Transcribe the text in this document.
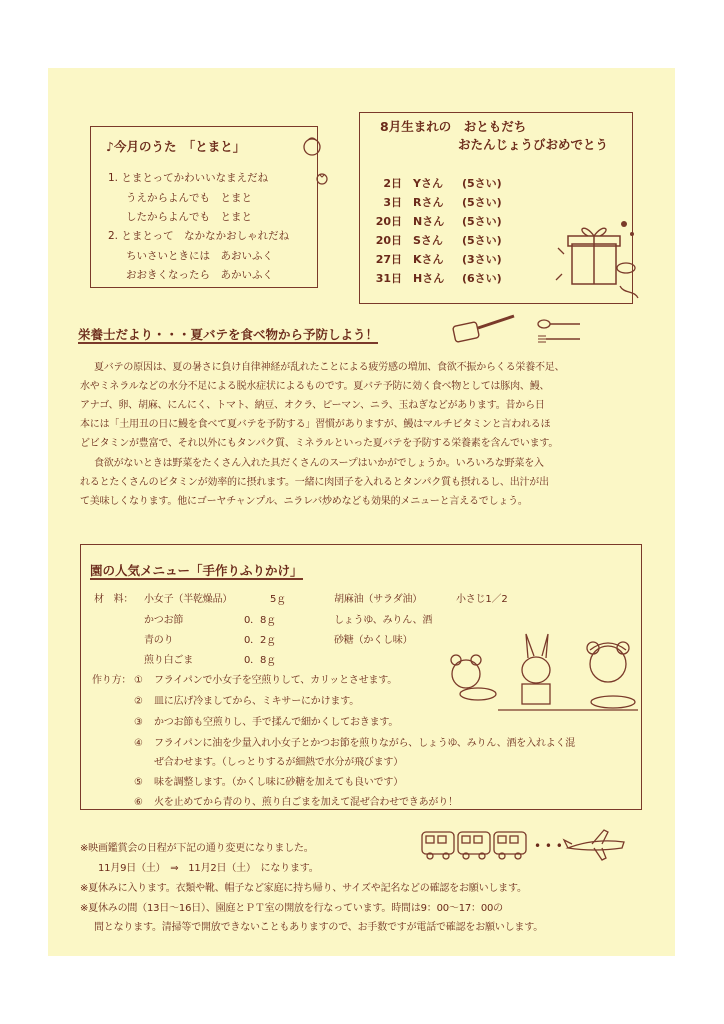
♪今月のうた　「とまと」
1. とまとってかわいいなまえだね
うえからよんでも　とまと
したからよんでも　とまと
2. とまとって　なかなかおしゃれだね
ちいさいときには　あおいふく
おおきくなったら　あかいふく
8月生まれの　おともだち
おたんじょうびおめでとう
2日 Yさん (5さい)
3日 Rさん (5さい)
20日 Nさん (5さい)
20日 Sさん (5さい)
27日 Kさん (3さい)
31日 Hさん (6さい)
栄養士だより・・・夏バテを食べ物から予防しよう！
夏バテの原因は、夏の暑さに負け自律神経が乱れたことによる疲労感の増加、食欲不振からくる栄養不足、
水やミネラルなどの水分不足による脱水症状によるものです。夏バテ予防に効く食べ物としては豚肉、鰻、
アナゴ、卵、胡麻、にんにく、トマト、納豆、オクラ、ピーマン、ニラ、玉ねぎなどがあります。昔から日
本には「土用丑の日に鰻を食べて夏バテを予防する」習慣がありますが、鰻はマルチビタミンと言われるほ
どビタミンが豊富で、それ以外にもタンパク質、ミネラルといった夏バテを予防する栄養素を含んでいます。
食欲がないときは野菜をたくさん入れた具だくさんのスープはいかがでしょうか。いろいろな野菜を入
れるとたくさんのビタミンが効率的に摂れます。一緒に肉団子を入れるとタンパク質も摂れるし、出汁が出
て美味しくなります。他にゴーヤチャンプル、ニラレバ炒めなども効果的メニューと言えるでしょう。
園の人気メニュー「手作りふりかけ」
材　料： 小女子（半乾燥品）	5ｇ
かつお節	0．8ｇ
青のり	0．2ｇ
煎り白ごま	0．8ｇ
胡麻油（サラダ油）	小さじ1／2
しょうゆ、みりん、酒
砂糖（かくし味）
作り方： ① フライパンで小女子を空煎りして、カリッとさせます。
② 皿に広げ冷ましてから、ミキサーにかけます。
③ かつお節も空煎りし、手で揉んで細かくしておきます。
④ フライパンに油を少量入れ小女子とかつお節を煎りながら、しょうゆ、みりん、酒を入れよく混
ぜ合わせます。（しっとりするが細熱で水分が飛びます）
⑤ 味を調整します。（かくし味に砂糖を加えても良いです）
⑥ 火を止めてから青のり、煎り白ごまを加えて混ぜ合わせできあがり！
※映画鑑賞会の日程が下記の通り変更になりました。
11月9日（土）　⇒　11月2日（土）　になります。
※夏休みに入ります。衣類や靴、帽子など家庭に持ち帰り、サイズや記名などの確認をお願いします。
※夏休みの間（13日〜16日）、園庭とＰＴ室の開放を行なっています。時間は9：00〜17：00の
間となります。清掃等で開放できないこともありますので、お手数ですが電話で確認をお願いします。
• • •
